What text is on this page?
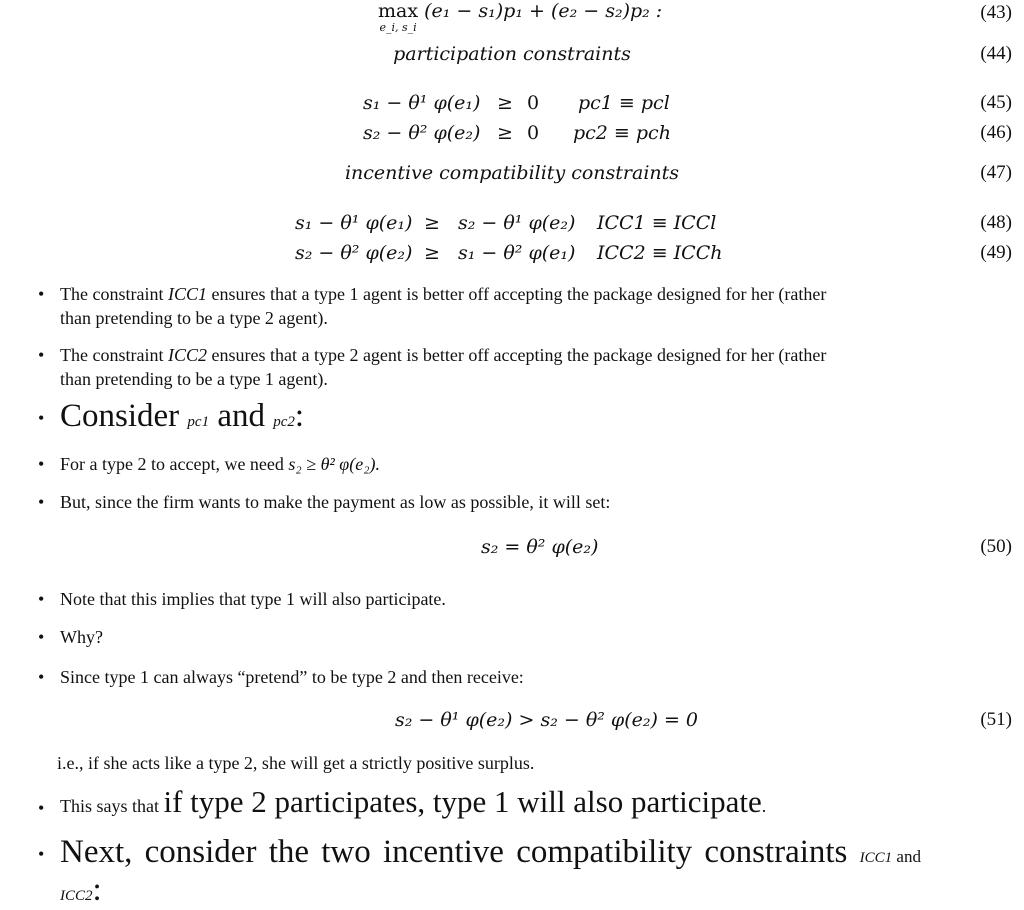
max
$^{e\_i, s\_i}$ (e₁ − s₁)p₁ + (e₂ − s₂)p₂ :	(43)
participation constraints	(44)
s₁ − θ¹ φ(e₁) ≥ 0 pc1 ≡ pcl	(45)
s₂ − θ² φ(e₂) ≥ 0 pc2 ≡ pch	(46)
incentive compatibility constraints	(47)
s₁ − θ¹ φ(e₁) ≥ s₂ − θ¹ φ(e₂) ICC1 ≡ ICCl	(48)
s₂ − θ² φ(e₂) ≥ s₁ − θ² φ(e₁) ICC2 ≡ ICCh	(49)
• The constraint ICC1 ensures that a type 1 agent is better off accepting the package designed for her (rather
than pretending to be a type 2 agent).
• The constraint ICC2 ensures that a type 2 agent is better off accepting the package designed for her (rather
than pretending to be a type 1 agent).
• Consider pc1 and pc2:
• For a type 2 to accept, we need s₂ ≥ θ² φ(e₂).
• But, since the firm wants to make the payment as low as possible, it will set:
s₂ = θ² φ(e₂)	(50)
• Note that this implies that type 1 will also participate.
• Why?
• Since type 1 can always “pretend” to be type 2 and then receive:
s₂ − θ¹ φ(e₂) > s₂ − θ² φ(e₂) = 0	(51)
i.e., if she acts like a type 2, she will get a strictly positive surplus.
• This says that if type 2 participates, type 1 will also participate.
• Next, consider the two incentive compatibility constraints ICC1 and
ICC2:
